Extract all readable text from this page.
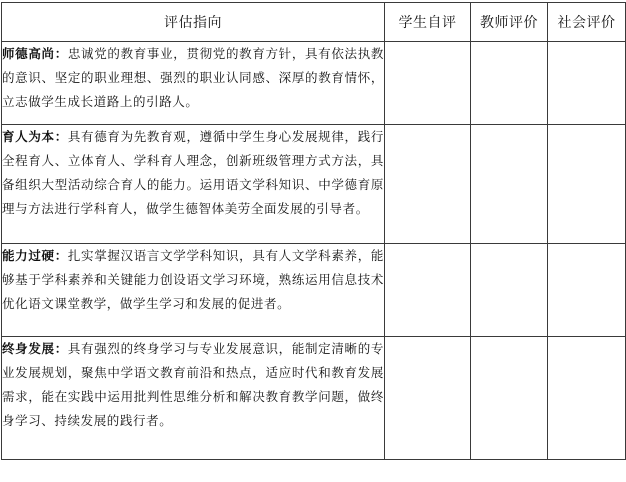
评估指向	学生自评	教师评价	社会评价
师德高尚：忠诚党的教育事业，贯彻党的教育方针，具有依法执教的意识、坚定的职业理想、强烈的职业认同感、深厚的教育情怀，立志做学生成长道路上的引路人。			
育人为本：具有德育为先教育观，遵循中学生身心发展规律，践行全程育人、立体育人、学科育人理念，创新班级管理方式方法，具备组织大型活动综合育人的能力。运用语文学科知识、中学德育原理与方法进行学科育人，做学生德智体美劳全面发展的引导者。			
能力过硬：扎实掌握汉语言文学学科知识，具有人文学科素养，能够基于学科素养和关键能力创设语文学习环境，熟练运用信息技术优化语文课堂教学，做学生学习和发展的促进者。			
终身发展：具有强烈的终身学习与专业发展意识，能制定清晰的专业发展规划，聚焦中学语文教育前沿和热点，适应时代和教育发展需求，能在实践中运用批判性思维分析和解决教育教学问题，做终身学习、持续发展的践行者。			
